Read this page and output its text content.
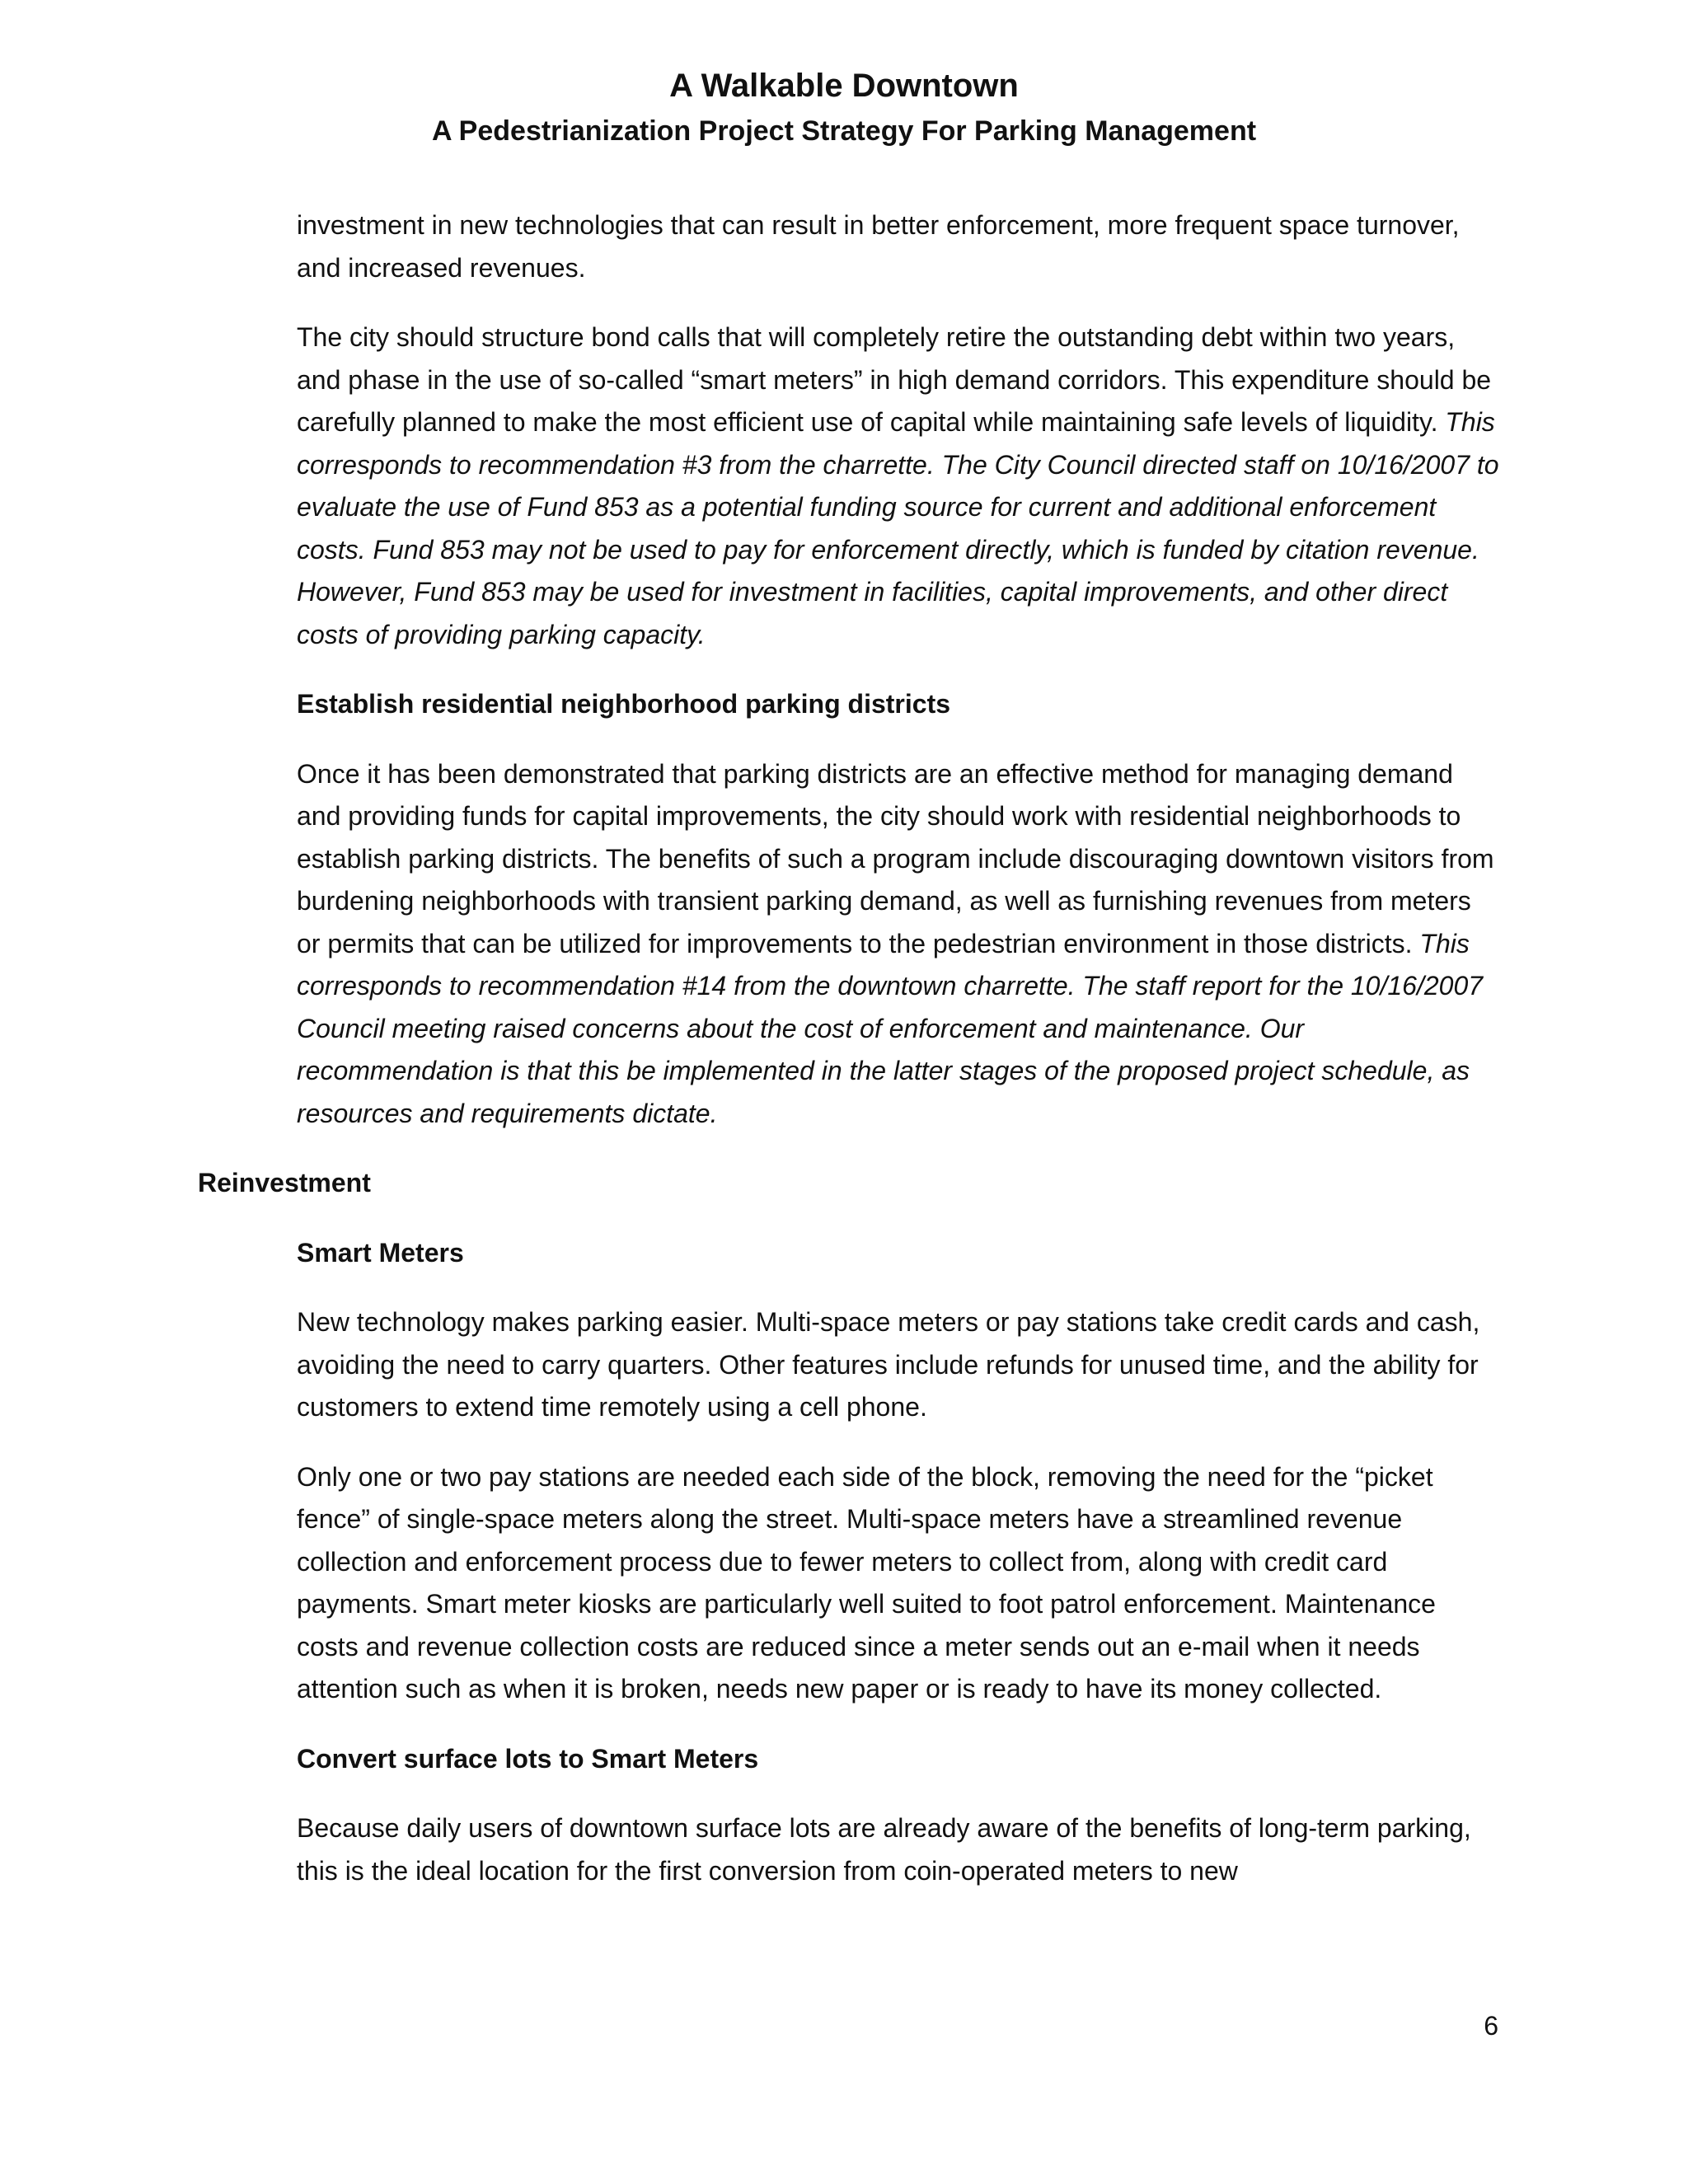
A Walkable Downtown
A Pedestrianization Project Strategy For Parking Management

investment in new technologies that can result in better enforcement, more frequent space turnover, and increased revenues.

The city should structure bond calls that will completely retire the outstanding debt within two years, and phase in the use of so-called “smart meters” in high demand corridors. This expenditure should be carefully planned to make the most efficient use of capital while maintaining safe levels of liquidity. This corresponds to recommendation #3 from the charrette. The City Council directed staff on 10/16/2007 to evaluate the use of Fund 853 as a potential funding source for current and additional enforcement costs. Fund 853 may not be used to pay for enforcement directly, which is funded by citation revenue. However, Fund 853 may be used for investment in facilities, capital improvements, and other direct costs of providing parking capacity.

Establish residential neighborhood parking districts

Once it has been demonstrated that parking districts are an effective method for managing demand and providing funds for capital improvements, the city should work with residential neighborhoods to establish parking districts. The benefits of such a program include discouraging downtown visitors from burdening neighborhoods with transient parking demand, as well as furnishing revenues from meters or permits that can be utilized for improvements to the pedestrian environment in those districts. This corresponds to recommendation #14 from the downtown charrette. The staff report for the 10/16/2007 Council meeting raised concerns about the cost of enforcement and maintenance. Our recommendation is that this be implemented in the latter stages of the proposed project schedule, as resources and requirements dictate.

Reinvestment

Smart Meters

New technology makes parking easier. Multi-space meters or pay stations take credit cards and cash, avoiding the need to carry quarters. Other features include refunds for unused time, and the ability for customers to extend time remotely using a cell phone.

Only one or two pay stations are needed each side of the block, removing the need for the “picket fence” of single-space meters along the street. Multi-space meters have a streamlined revenue collection and enforcement process due to fewer meters to collect from, along with credit card payments. Smart meter kiosks are particularly well suited to foot patrol enforcement. Maintenance costs and revenue collection costs are reduced since a meter sends out an e-mail when it needs attention such as when it is broken, needs new paper or is ready to have its money collected.

Convert surface lots to Smart Meters

Because daily users of downtown surface lots are already aware of the benefits of long-term parking, this is the ideal location for the first conversion from coin-operated meters to new

6
